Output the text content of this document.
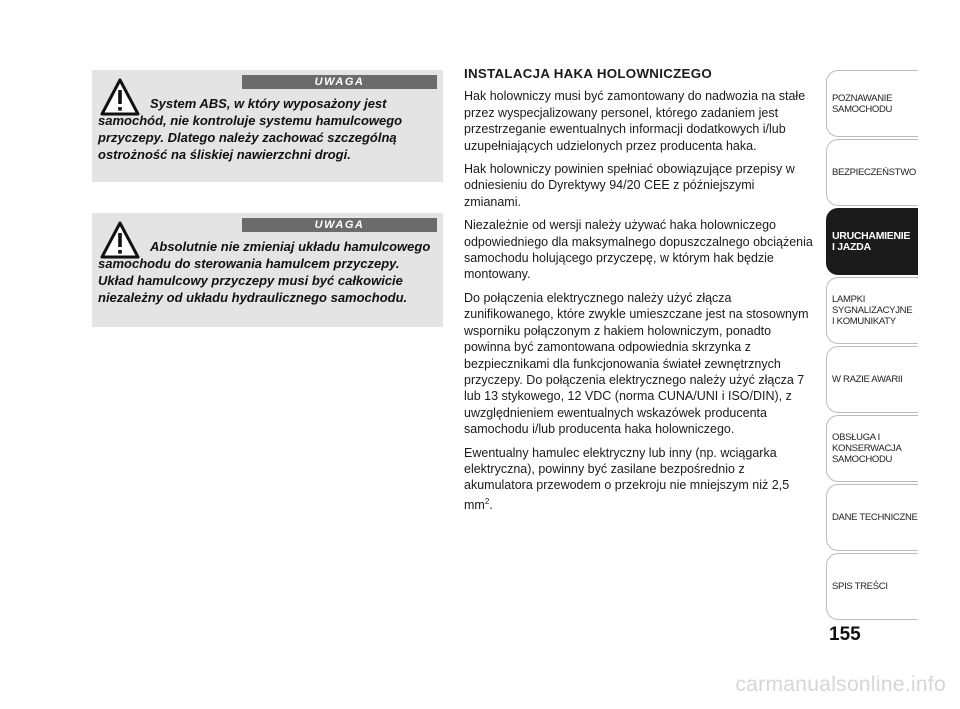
UWAGA
System ABS, w który wyposażony jest samochód, nie kontroluje systemu hamulcowego przyczepy. Dlatego należy zachować szczególną ostrożność na śliskiej nawierzchni drogi.
UWAGA
Absolutnie nie zmieniaj układu hamulcowego samochodu do sterowania hamulcem przyczepy. Układ hamulcowy przyczepy musi być całkowicie niezależny od układu hydraulicznego samochodu.
INSTALACJA HAKA HOLOWNICZEGO

Hak holowniczy musi być zamontowany do nadwozia na stałe przez wyspecjalizowany personel, którego zadaniem jest przestrzeganie ewentualnych informacji dodatkowych i/lub uzupełniających udzielonych przez producenta haka.

Hak holowniczy powinien spełniać obowiązujące przepisy w odniesieniu do Dyrektywy 94/20 CEE z późniejszymi zmianami.

Niezależnie od wersji należy używać haka holowniczego odpowiedniego dla maksymalnego dopuszczalnego obciążenia samochodu holującego przyczepę, w którym hak będzie montowany.

Do połączenia elektrycznego należy użyć złącza zunifikowanego, które zwykle umieszczane jest na stosownym wsporniku połączonym z hakiem holowniczym, ponadto powinna być zamontowana odpowiednia skrzynka z bezpiecznikami dla funkcjonowania świateł zewnętrznych przyczepy. Do połączenia elektrycznego należy użyć złącza 7 lub 13 stykowego, 12 VDC (norma CUNA/UNI i ISO/DIN), z uwzględnieniem ewentualnych wskazówek producenta samochodu i/lub producenta haka holowniczego.

Ewentualny hamulec elektryczny lub inny (np. wciągarka elektryczna), powinny być zasilane bezpośrednio z akumulatora przewodem o przekroju nie mniejszym niż 2,5 $mm^2$.

POZNAWANIE
SAMOCHODU
BEZPIECZEŃSTWO
URUCHAMIENIE
I JAZDA
LAMPKI
SYGNALIZACYJNE
I KOMUNIKATY
W RAZIE AWARII
OBSŁUGA I
KONSERWACJA
SAMOCHODU
DANE TECHNICZNE
SPIS TREŚCI
155
carmanualsonline.info
